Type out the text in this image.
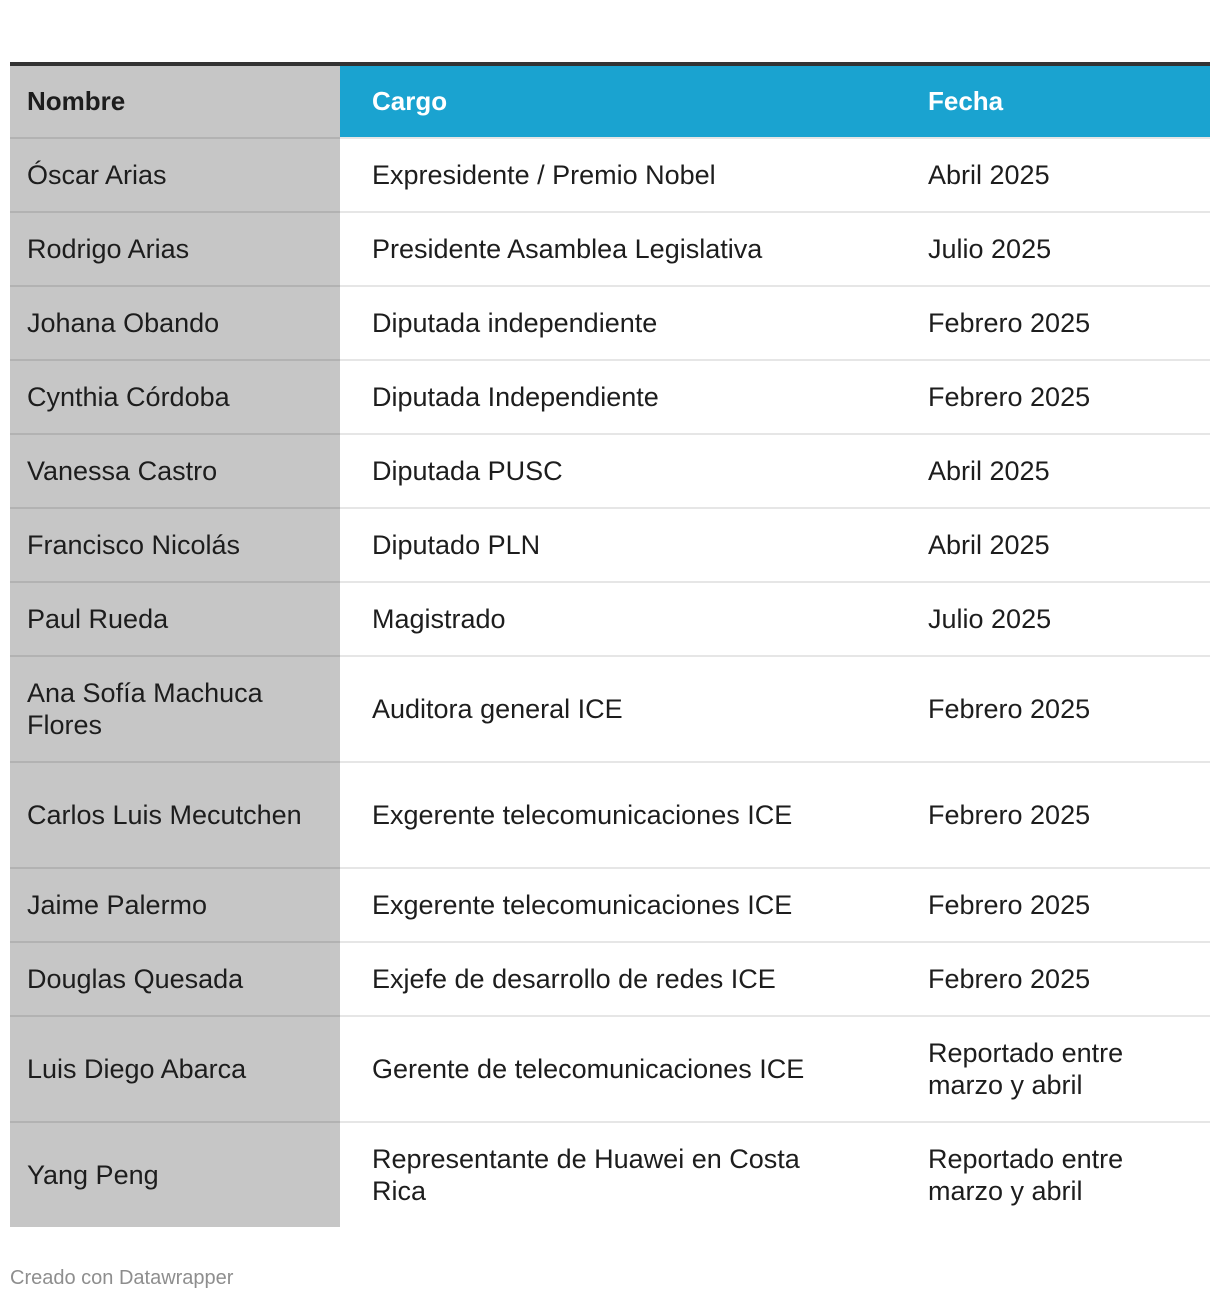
Nombre	Cargo	Fecha
Óscar Arias	Expresidente / Premio Nobel	Abril 2025
Rodrigo Arias	Presidente Asamblea Legislativa	Julio 2025
Johana Obando	Diputada independiente	Febrero 2025
Cynthia Córdoba	Diputada Independiente	Febrero 2025
Vanessa Castro	Diputada PUSC	Abril 2025
Francisco Nicolás	Diputado PLN	Abril 2025
Paul Rueda	Magistrado	Julio 2025
Ana Sofía Machuca Flores	Auditora general ICE	Febrero 2025
Carlos Luis Mecutchen	Exgerente telecomunicaciones ICE	Febrero 2025
Jaime Palermo	Exgerente telecomunicaciones ICE	Febrero 2025
Douglas Quesada	Exjefe de desarrollo de redes ICE	Febrero 2025
Luis Diego Abarca	Gerente de telecomunicaciones ICE	Reportado entre marzo y abril
Yang Peng	Representante de Huawei en Costa Rica	Reportado entre marzo y abril
Creado con Datawrapper
